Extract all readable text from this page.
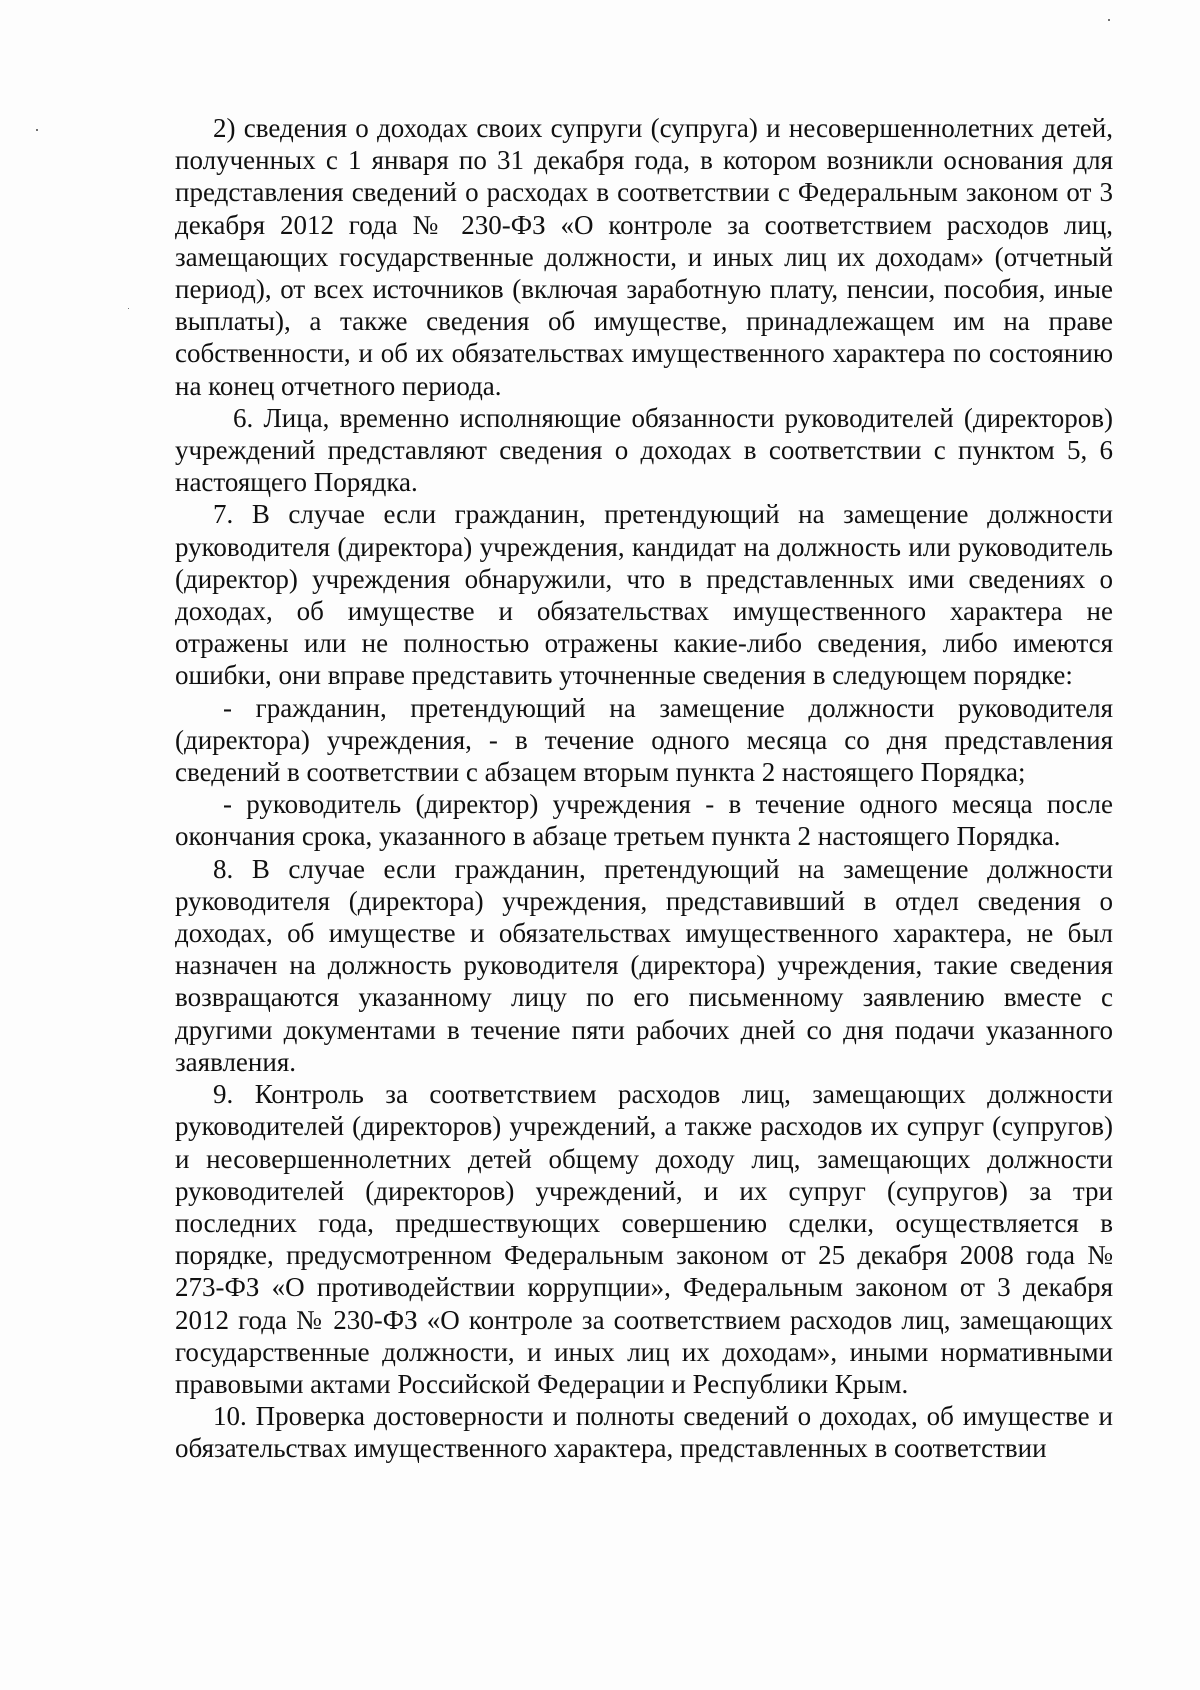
2) сведения о доходах своих супруги (супруга) и несовершеннолетних детей, полученных с 1 января по 31 декабря года, в котором возникли основания для представления сведений о расходах в соответствии с Федеральным законом от 3 декабря 2012 года № 230-ФЗ «О контроле за соответствием расходов лиц, замещающих государственные должности, и иных лиц их доходам» (отчетный период), от всех источников (включая заработную плату, пенсии, пособия, иные выплаты), а также сведения об имуществе, принадлежащем им на праве собственности, и об их обязательствах имущественного характера по состоянию на конец отчетного периода.

6. Лица, временно исполняющие обязанности руководителей (директоров) учреждений представляют сведения о доходах в соответствии с пунктом 5, 6 настоящего Порядка.

7. В случае если гражданин, претендующий на замещение должности руководителя (директора) учреждения, кандидат на должность или руководитель (директор) учреждения обнаружили, что в представленных ими сведениях о доходах, об имуществе и обязательствах имущественного характера не отражены или не полностью отражены какие-либо сведения, либо имеются ошибки, они вправе представить уточненные сведения в следующем порядке:

- гражданин, претендующий на замещение должности руководителя (директора) учреждения, - в течение одного месяца со дня представления сведений в соответствии с абзацем вторым пункта 2 настоящего Порядка;

- руководитель (директор) учреждения - в течение одного месяца после окончания срока, указанного в абзаце третьем пункта 2 настоящего Порядка.

8. В случае если гражданин, претендующий на замещение должности руководителя (директора) учреждения, представивший в отдел сведения о доходах, об имуществе и обязательствах имущественного характера, не был назначен на должность руководителя (директора) учреждения, такие сведения возвращаются указанному лицу по его письменному заявлению вместе с другими документами в течение пяти рабочих дней со дня подачи указанного заявления.

9. Контроль за соответствием расходов лиц, замещающих должности руководителей (директоров) учреждений, а также расходов их супруг (супругов) и несовершеннолетних детей общему доходу лиц, замещающих должности руководителей (директоров) учреждений, и их супруг (супругов) за три последних года, предшествующих совершению сделки, осуществляется в порядке, предусмотренном Федеральным законом от 25 декабря 2008 года № 273-ФЗ «О противодействии коррупции», Федеральным законом от 3 декабря 2012 года № 230-ФЗ «О контроле за соответствием расходов лиц, замещающих государственные должности, и иных лиц их доходам», иными нормативными правовыми актами Российской Федерации и Республики Крым.

10. Проверка достоверности и полноты сведений о доходах, об имуществе и обязательствах имущественного характера, представленных в соответствии
